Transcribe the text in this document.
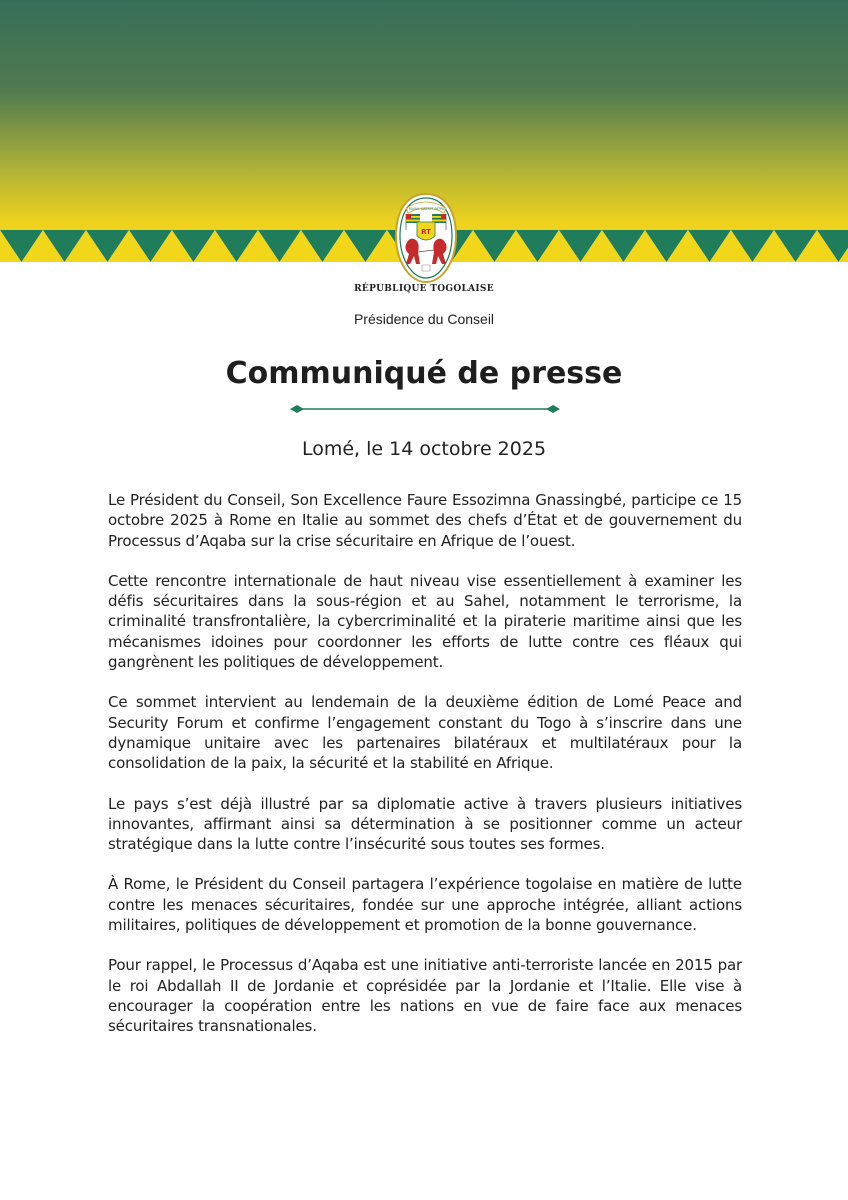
TRAVAIL LIBERTÉ PATRIE
RT
RÉPUBLIQUE TOGOLAISE
Présidence du Conseil
Communiqué de presse
Lomé, le 14 octobre 2025

Le Président du Conseil, Son Excellence Faure Essozimna Gnassingbé, participe ce 15 octobre 2025 à Rome en Italie au sommet des chefs d’État et de gouvernement du Processus d’Aqaba sur la crise sécuritaire en Afrique de l’ouest.

Cette rencontre internationale de haut niveau vise essentiellement à examiner les défis sécuritaires dans la sous-région et au Sahel, notamment le terrorisme, la criminalité transfrontalière, la cybercriminalité et la piraterie maritime ainsi que les mécanismes idoines pour coordonner les efforts de lutte contre ces fléaux qui gangrènent les politiques de développement.

Ce sommet intervient au lendemain de la deuxième édition de Lomé Peace and Security Forum et confirme l’engagement constant du Togo à s’inscrire dans une dynamique unitaire avec les partenaires bilatéraux et multilatéraux pour la consolidation de la paix, la sécurité et la stabilité en Afrique.

Le pays s’est déjà illustré par sa diplomatie active à travers plusieurs initiatives innovantes, affirmant ainsi sa détermination à se positionner comme un acteur stratégique dans la lutte contre l’insécurité sous toutes ses formes.

À Rome, le Président du Conseil partagera l’expérience togolaise en matière de lutte contre les menaces sécuritaires, fondée sur une approche intégrée, alliant actions militaires, politiques de développement et promotion de la bonne gouvernance.

Pour rappel, le Processus d’Aqaba est une initiative anti-terroriste lancée en 2015 par le roi Abdallah II de Jordanie et coprésidée par la Jordanie et l’Italie. Elle vise à encourager la coopération entre les nations en vue de faire face aux menaces sécuritaires transnationales.
